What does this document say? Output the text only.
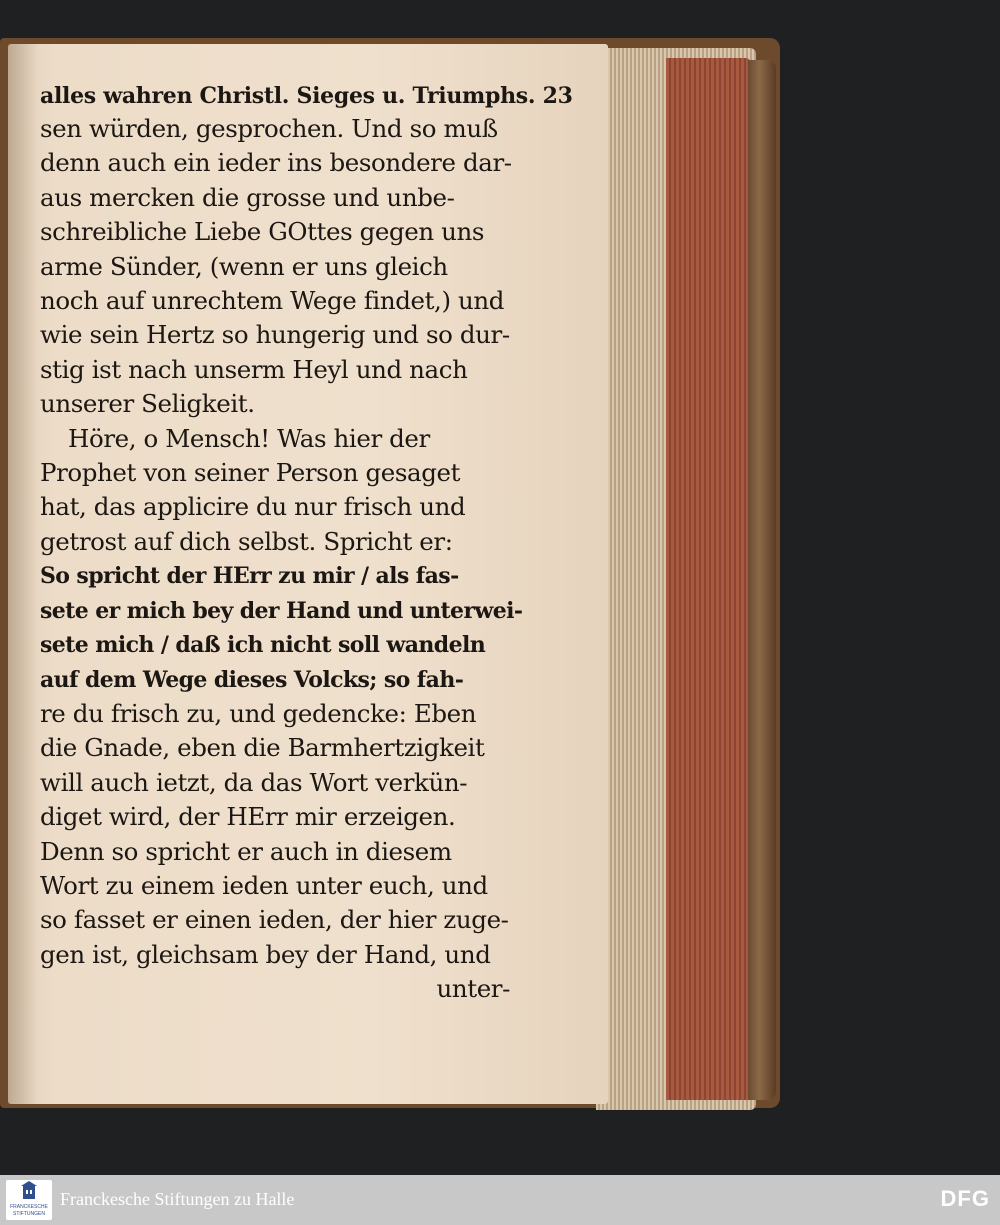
alles wahren Christl. Sieges u. Triumphs. 23
sen würden, gesprochen. Und so muß
denn auch ein ieder ins besondere dar-
aus mercken die grosse und unbe-
schreibliche Liebe GOttes gegen uns
arme Sünder, (wenn er uns gleich
noch auf unrechtem Wege findet,) und
wie sein Hertz so hungerig und so dur-
stig ist nach unserm Heyl und nach
unserer Seligkeit.
Höre, o Mensch! Was hier der
Prophet von seiner Person gesaget
hat, das applicire du nur frisch und
getrost auf dich selbst. Spricht er:
So spricht der HErr zu mir / als fas-
sete er mich bey der Hand und unterwei-
sete mich / daß ich nicht soll wandeln
auf dem Wege dieses Volcks; so fah-
re du frisch zu, und gedencke: Eben
die Gnade, eben die Barmhertzigkeit
will auch ietzt, da das Wort verkün-
diget wird, der HErr mir erzeigen.
Denn so spricht er auch in diesem
Wort zu einem ieden unter euch, und
so fasset er einen ieden, der hier zuge-
gen ist, gleichsam bey der Hand, und
unter-
FRANCKESCHE
STIFTUNGEN
Franckesche Stiftungen zu Halle	DFG
